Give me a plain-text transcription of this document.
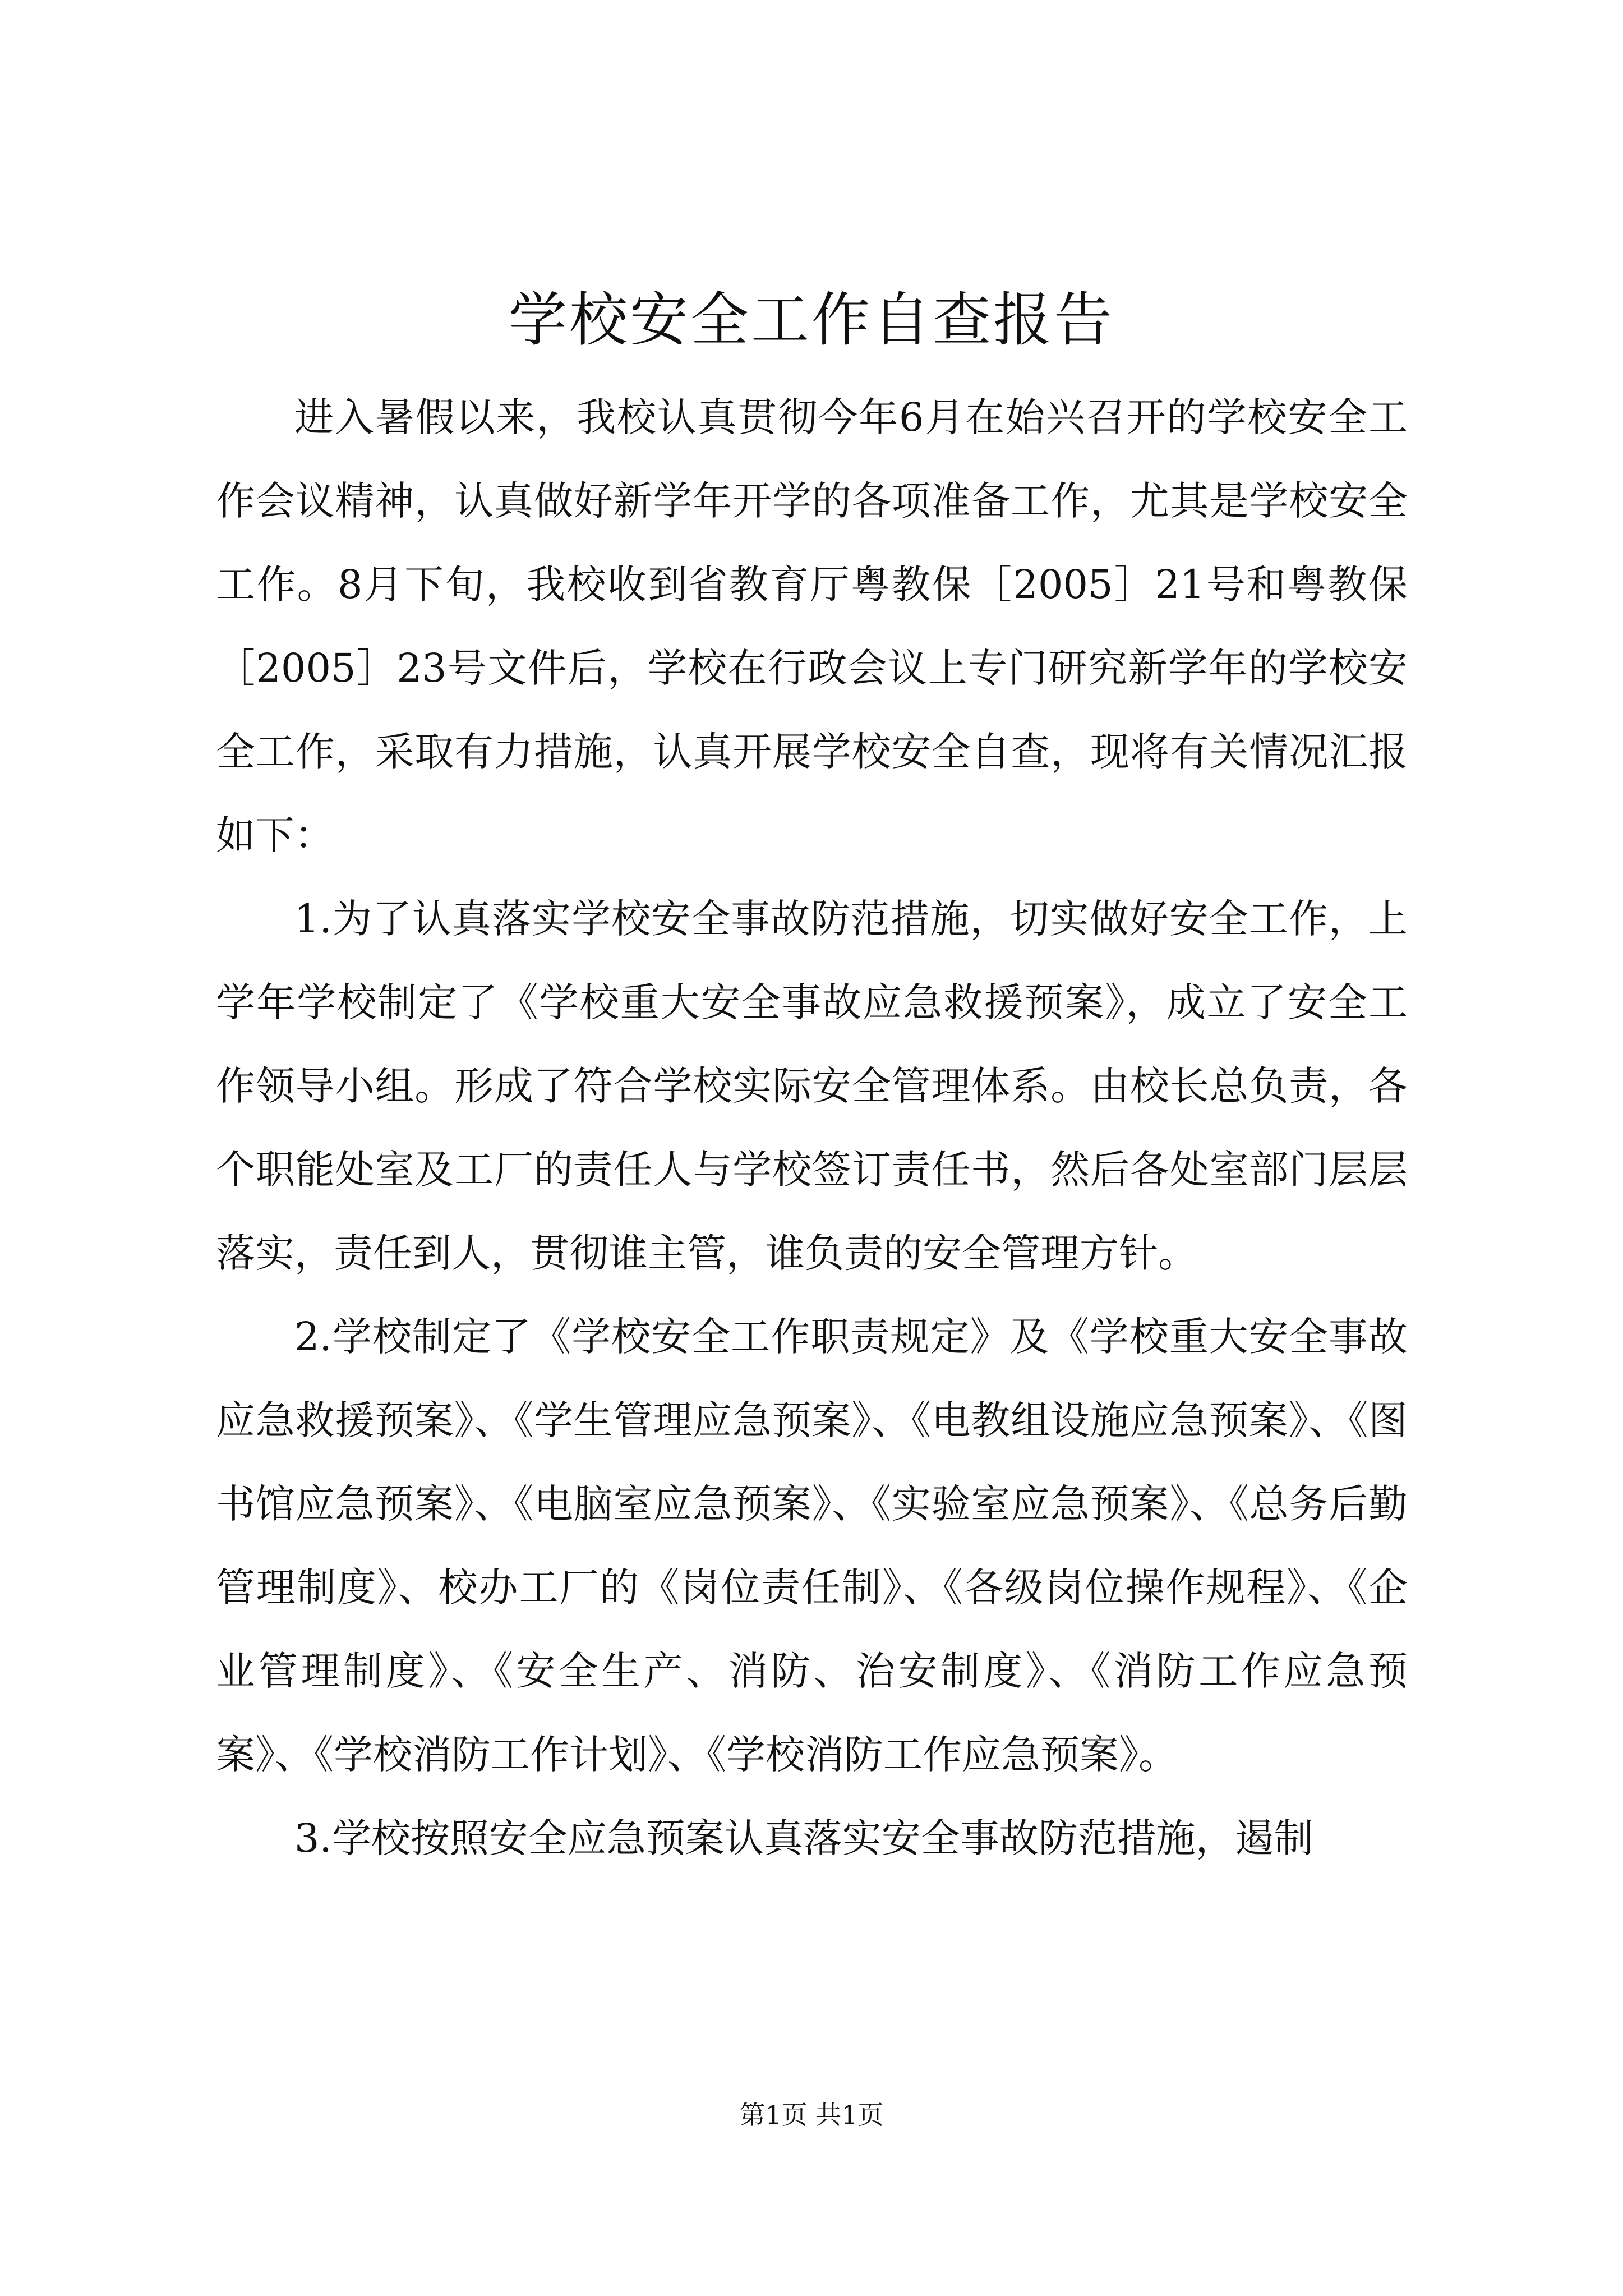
学校安全工作自查报告

进入暑假以来，我校认真贯彻今年6月在始兴召开的学校安全工作会议精神，认真做好新学年开学的各项准备工作，尤其是学校安全工作。8月下旬，我校收到省教育厅粤教保［2005］21号和粤教保［2005］23号文件后，学校在行政会议上专门研究新学年的学校安全工作，采取有力措施，认真开展学校安全自查，现将有关情况汇报如下：

1.为了认真落实学校安全事故防范措施，切实做好安全工作，上学年学校制定了《学校重大安全事故应急救援预案》，成立了安全工作领导小组。形成了符合学校实际安全管理体系。由校长总负责，各个职能处室及工厂的责任人与学校签订责任书，然后各处室部门层层落实，责任到人，贯彻谁主管，谁负责的安全管理方针。

2.学校制定了《学校安全工作职责规定》及《学校重大安全事故应急救援预案》、《学生管理应急预案》、《电教组设施应急预案》、《图书馆应急预案》、《电脑室应急预案》、《实验室应急预案》、《总务后勤管理制度》、校办工厂的《岗位责任制》、《各级岗位操作规程》、《企业管理制度》、《安全生产、消防、治安制度》、《消防工作应急预案》、《学校消防工作计划》、《学校消防工作应急预案》。

3.学校按照安全应急预案认真落实安全事故防范措施，遏制

第1页 共1页
